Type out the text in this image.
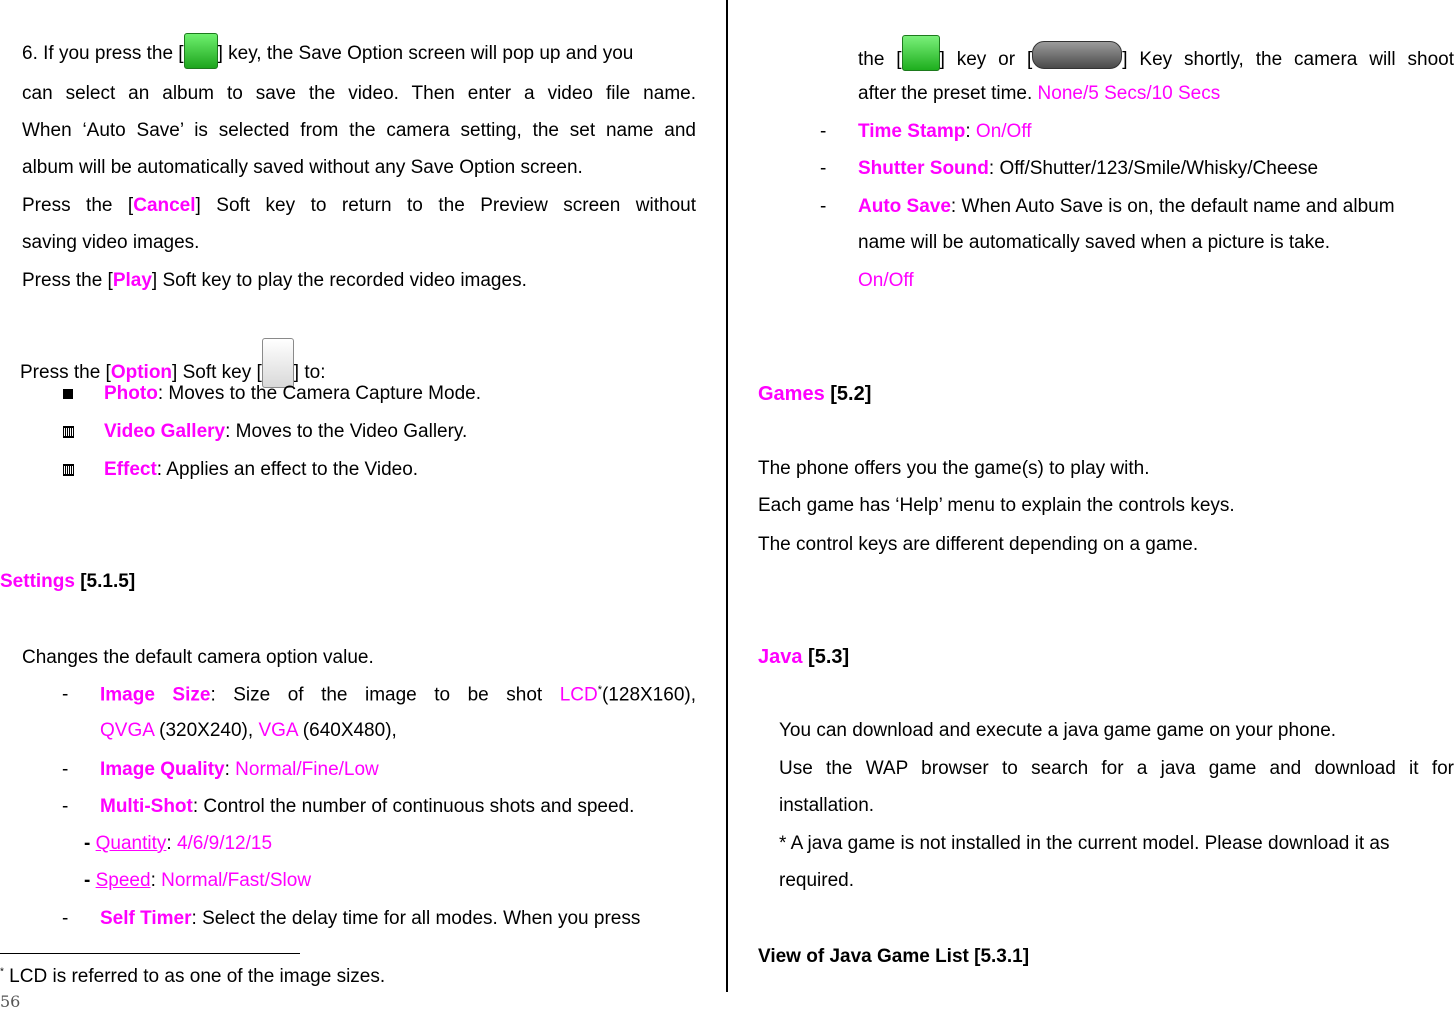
6. If you press the [ ] key, the Save Option screen will pop up and you
can select an album to save the video. Then enter a video file name.
When ‘Auto Save’ is selected from the camera setting, the set name and
album will be automatically saved without any Save Option screen.
Press the [Cancel] Soft key to return to the Preview screen without
saving video images.
Press the [Play] Soft key to play the recorded video images.
Press the [Option] Soft key [ ] to:
Photo: Moves to the Camera Capture Mode.
Video Gallery: Moves to the Video Gallery.
Effect: Applies an effect to the Video.
Settings [5.1.5]
Changes the default camera option value.
- Image Size: Size of the image to be shot LCD*(128X160),
QVGA (320X240), VGA (640X480),
- Image Quality: Normal/Fine/Low
- Multi-Shot: Control the number of continuous shots and speed.
- Quantity: 4/6/9/12/15
- Speed: Normal/Fast/Slow
- Self Timer: Select the delay time for all modes. When you press
* LCD is referred to as one of the image sizes.
56
the [ ] key or [	] Key shortly, the camera will shoot
after the preset time. None/5 Secs/10 Secs
- Time Stamp: On/Off
- Shutter Sound: Off/Shutter/123/Smile/Whisky/Cheese
- Auto Save: When Auto Save is on, the default name and album
name will be automatically saved when a picture is take.
On/Off
Games [5.2]
The phone offers you the game(s) to play with.
Each game has ‘Help’ menu to explain the controls keys.
The control keys are different depending on a game.
Java [5.3]
You can download and execute a java game game on your phone.
Use the WAP browser to search for a java game and download it for
installation.
* A java game is not installed in the current model. Please download it as
required.
View of Java Game List [5.3.1]
